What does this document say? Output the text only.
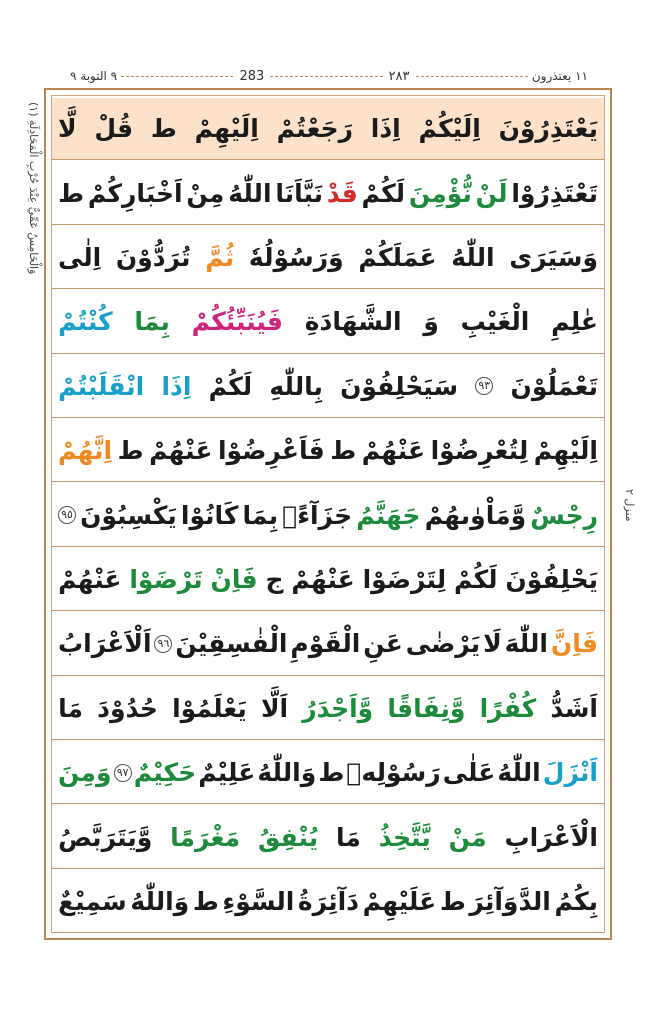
١١ يعتذرون
٢٨٣
283
٩ التوبة ٩
(١) وَالْخَامِسُ عَمِّيٌّ عِنْدَ حُرْبِ الْمَجَادِلَةِ
منزل ٢
يَعْتَذِرُوْنَ
اِلَيْكُمْ
اِذَا
رَجَعْتُمْ
اِلَيْهِمْ
ط
قُلْ
لَّا
تَعْتَذِرُوْا
لَنْ
نُّؤْمِنَ
لَكُمْ
قَدْ
نَبَّاَنَا
اللّٰهُ
مِنْ
اَخْبَارِكُمْ
ط
وَسَيَرَى
اللّٰهُ
عَمَلَكُمْ
وَرَسُوْلُهٗ
ثُمَّ
تُرَدُّوْنَ
اِلٰى
عٰلِمِ
الْغَيْبِ
وَ
الشَّهَادَةِ
فَيُنَبِّئُكُمْ
بِمَا
كُنْتُمْ
تَعْمَلُوْنَ
٩٣
سَيَحْلِفُوْنَ
بِاللّٰهِ
لَكُمْ
اِذَا
انْقَلَبْتُمْ
اِلَيْهِمْ
لِتُعْرِضُوْا
عَنْهُمْ
ط
فَاَعْرِضُوْا
عَنْهُمْ
ط
اِنَّهُمْ
رِجْسٌ
وَّمَاْوٰىهُمْ
جَهَنَّمُ
جَزَآءًۢ
بِمَا
كَانُوْا
يَكْسِبُوْنَ
٩٥
يَحْلِفُوْنَ
لَكُمْ
لِتَرْضَوْا
عَنْهُمْ
ج
فَاِنْ
تَرْضَوْا
عَنْهُمْ
فَاِنَّ
اللّٰهَ
لَا
يَرْضٰى
عَنِ
الْقَوْمِ
الْفٰسِقِيْنَ
٩٦
اَلْاَعْرَابُ
اَشَدُّ
كُفْرًا
وَّنِفَاقًا
وَّاَجْدَرُ
اَلَّا
يَعْلَمُوْا
حُدُوْدَ
مَا
اَنْزَلَ
اللّٰهُ
عَلٰى
رَسُوْلِهٖ
ط
وَاللّٰهُ
عَلِيْمٌ
حَكِيْمٌ
٩٧
وَمِنَ
الْاَعْرَابِ
مَنْ
يَّتَّخِذُ
مَا
يُنْفِقُ
مَغْرَمًا
وَّيَتَرَبَّصُ
بِكُمُ
الدَّوَآئِرَ
ط
عَلَيْهِمْ
دَآئِرَةُ
السَّوْءِ
ط
وَاللّٰهُ
سَمِيْعٌ
